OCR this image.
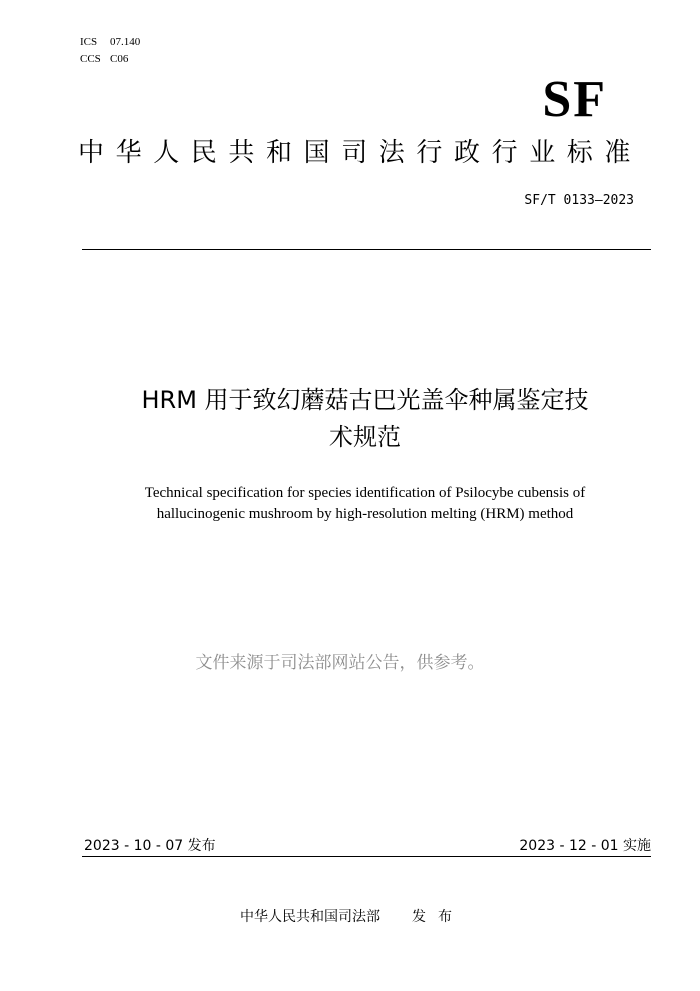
ICS 07.140
CCS C06
SF
中华人民共和国司法行政行业标准
SF/T 0133—2023
HRM 用于致幻蘑菇古巴光盖伞种属鉴定技
术规范
Technical specification for species identification of Psilocybe cubensis of
hallucinogenic mushroom by high-resolution melting (HRM) method
文件来源于司法部网站公告，供参考。
2023 - 10 - 07 发布	2023 - 12 - 01 实施
中华人民共和国司法部 发布
